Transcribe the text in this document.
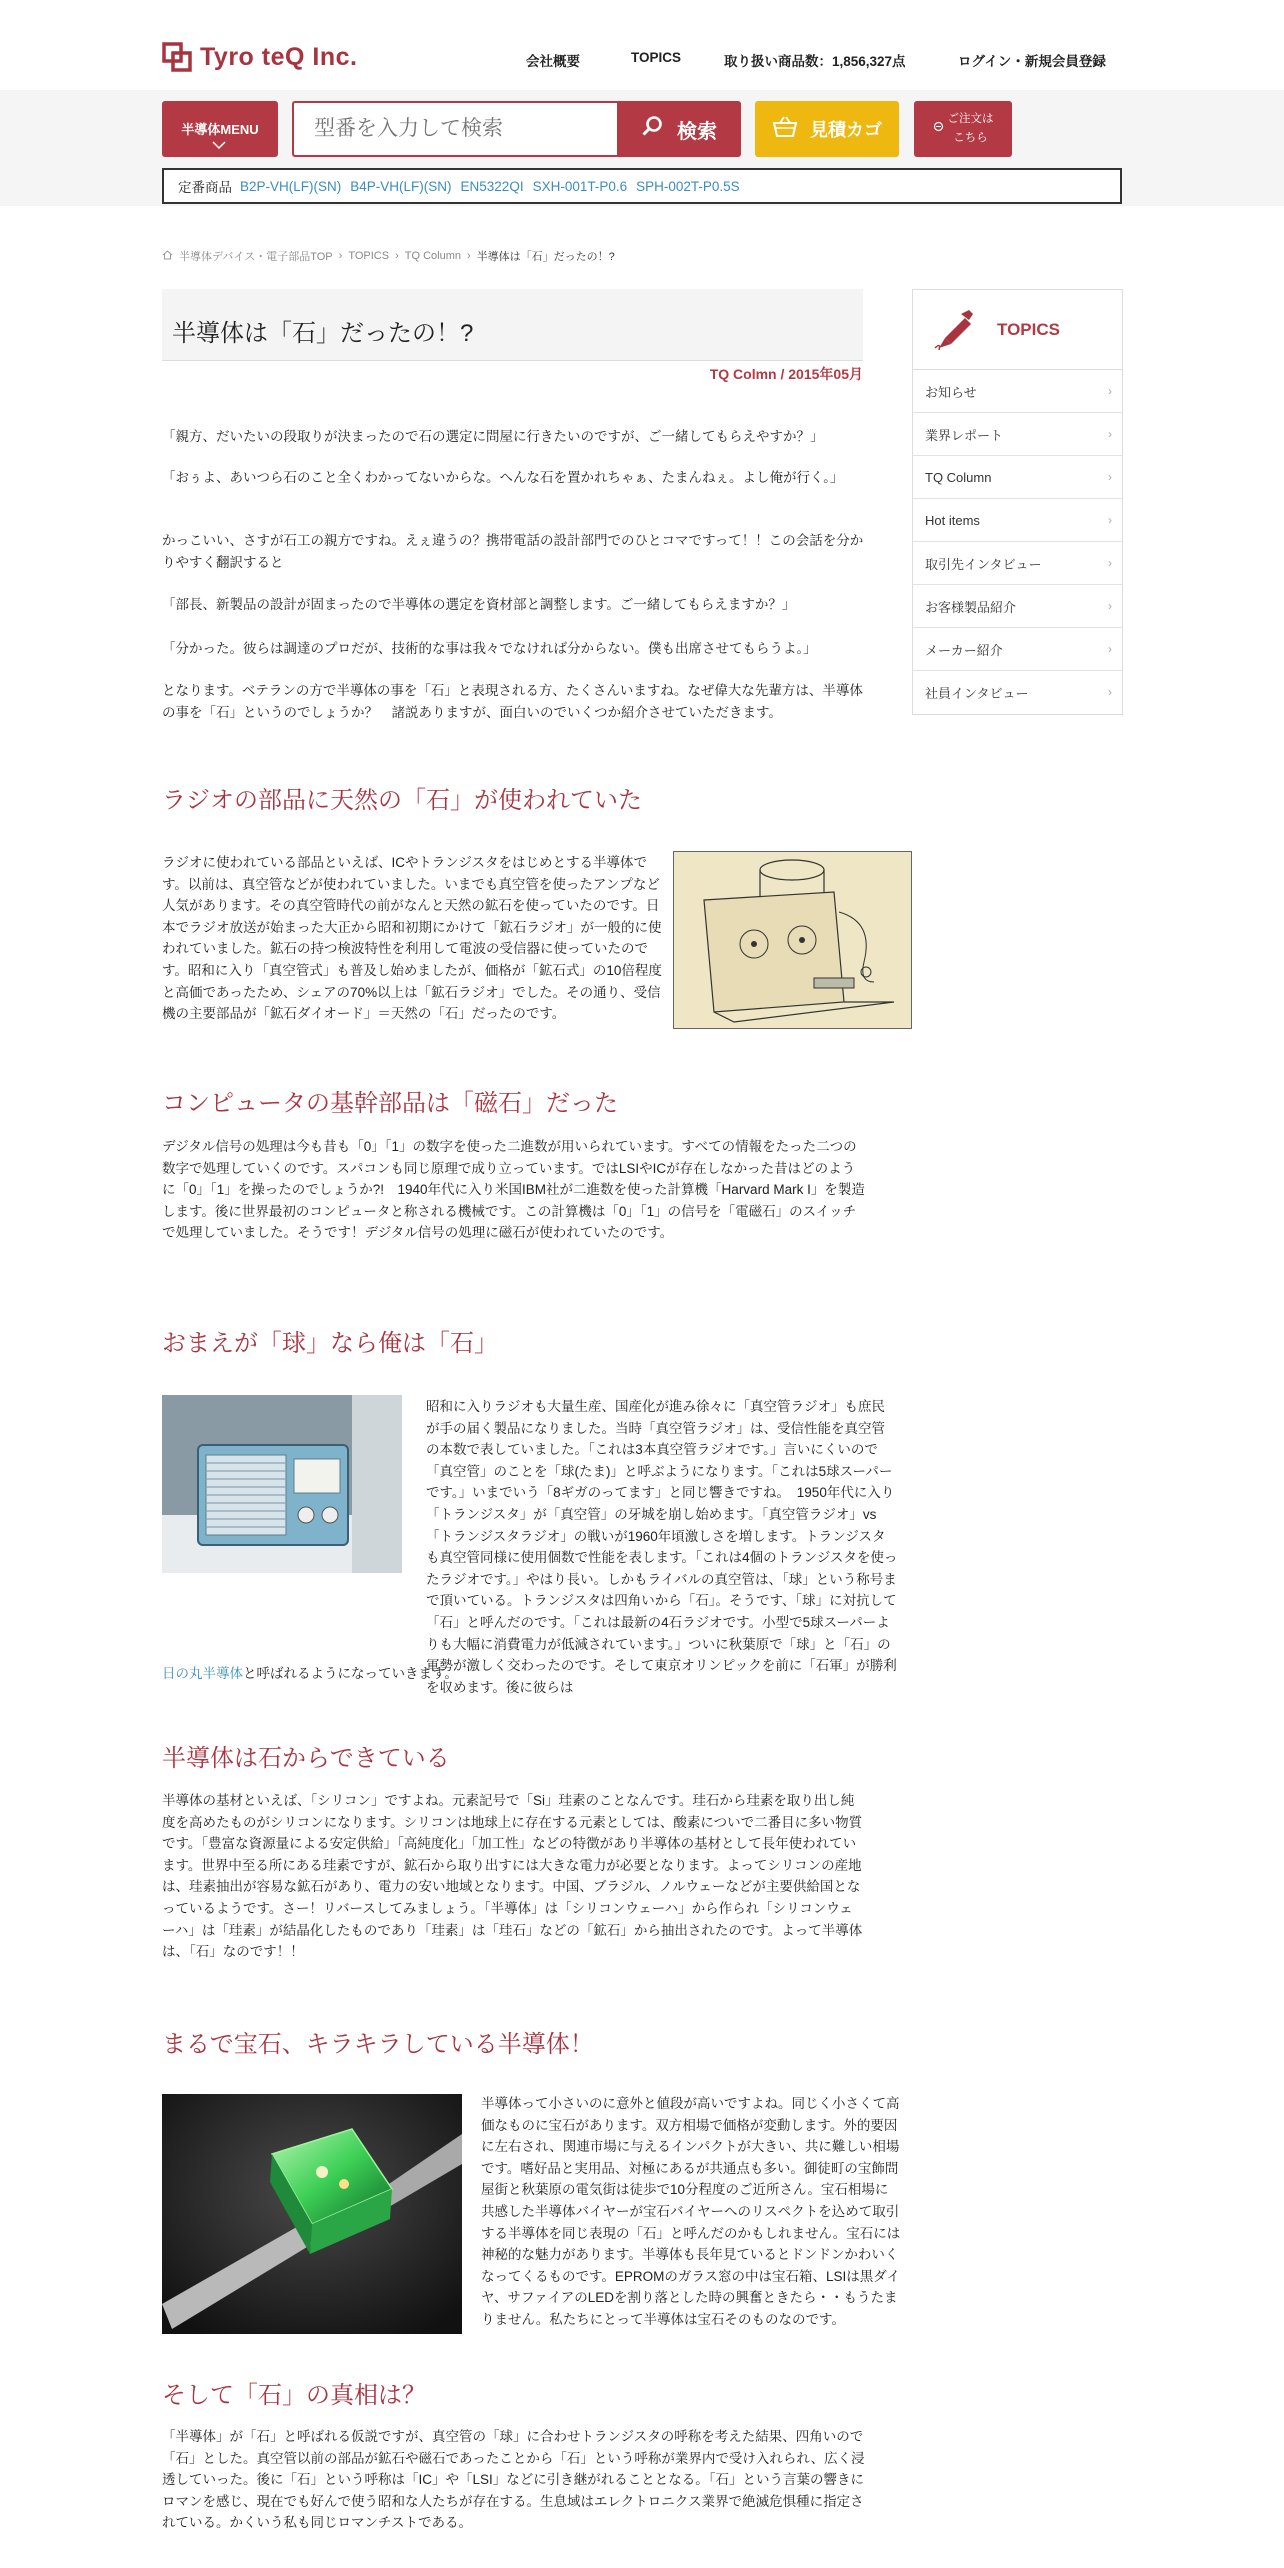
Tyro teQ Inc.	会社概要	TOPICS	取り扱い商品数：1,856,327点	ログイン・新規会員登録
半導体MENU
型番を入力して検索	検索	見積カゴ
ご注文は
こちら
定番商品 B2P-VH(LF)(SN) B4P-VH(LF)(SN) EN5322QI SXH-001T-P0.6 SPH-002T-P0.5S
半導体デバイス・電子部品TOP › TOPICS › TQ Column › 半導体は「石」だったの！?
半導体は「石」だったの！?
TQ Colmn / 2015年05月

「親方、だいたいの段取りが決まったので石の選定に問屋に行きたいのですが、ご一緒してもらえやすか？」

「おぅよ、あいつら石のこと全くわかってないからな。へんな石を置かれちゃぁ、たまんねぇ。よし俺が行く。」

かっこいい、さすが石工の親方ですね。えぇ違うの？携帯電話の設計部門でのひとコマですって！！この会話を分かりやすく翻訳すると

「部長、新製品の設計が固まったので半導体の選定を資材部と調整します。ご一緒してもらえますか？」

「分かった。彼らは調達のプロだが、技術的な事は我々でなければ分からない。僕も出席させてもらうよ。」

となります。ベテランの方で半導体の事を「石」と表現される方、たくさんいますね。なぜ偉大な先輩方は、半導体の事を「石」というのでしょうか？　諸説ありますが、面白いのでいくつか紹介させていただきます。

TOPICS
お知らせ	›
業界レポート	›
TQ Column	›
Hot items	›
取引先インタビュー	›
お客様製品紹介	›
メーカー紹介	›
社員インタビュー	›
ラジオの部品に天然の「石」が使われていた
ラジオに使われている部品といえば、ICやトランジスタをはじめとする半導体です。以前は、真空管などが使われていました。いまでも真空管を使ったアンプなど人気があります。その真空管時代の前がなんと天然の鉱石を使っていたのです。日本でラジオ放送が始まった大正から昭和初期にかけて「鉱石ラジオ」が一般的に使われていました。鉱石の持つ検波特性を利用して電波の受信器に使っていたのです。昭和に入り「真空管式」も普及し始めましたが、価格が「鉱石式」の10倍程度と高価であったため、シェアの70%以上は「鉱石ラジオ」でした。その通り、受信機の主要部品が「鉱石ダイオード」＝天然の「石」だったのです。
コンピュータの基幹部品は「磁石」だった
デジタル信号の処理は今も昔も「0」「1」の数字を使った二進数が用いられています。すべての情報をたった二つの数字で処理していくのです。スパコンも同じ原理で成り立っています。ではLSIやICが存在しなかった昔はどのように「0」「1」を操ったのでしょうか?!　1940年代に入り米国IBM社が二進数を使った計算機「Harvard Mark I」を製造します。後に世界最初のコンピュータと称される機械です。この計算機は「0」「1」の信号を「電磁石」のスイッチで処理していました。そうです！デジタル信号の処理に磁石が使われていたのです。
おまえが「球」なら俺は「石」
昭和に入りラジオも大量生産、国産化が進み徐々に「真空管ラジオ」も庶民が手の届く製品になりました。当時「真空管ラジオ」は、受信性能を真空管の本数で表していました。「これは3本真空管ラジオです。」言いにくいので「真空管」のことを「球(たま)」と呼ぶようになります。「これは5球スーパーです。」いまでいう「8ギガのってます」と同じ響きですね。　1950年代に入り「トランジスタ」が「真空管」の牙城を崩し始めます。「真空管ラジオ」vs「トランジスタラジオ」の戦いが1960年頃激しさを増します。トランジスタも真空管同様に使用個数で性能を表します。「これは4個のトランジスタを使ったラジオです。」やはり長い。しかもライバルの真空管は、「球」という称号まで頂いている。トランジスタは四角いから「石」。そうです、「球」に対抗して「石」と呼んだのです。「これは最新の4石ラジオです。小型で5球スーパーよりも大幅に消費電力が低減されています。」ついに秋葉原で「球」と「石」の軍勢が激しく交わったのです。そして東京オリンピックを前に「石軍」が勝利を収めます。後に彼らは
日の丸半導体と呼ばれるようになっていきます。
半導体は石からできている
半導体の基材といえば、「シリコン」ですよね。元素記号で「Si」珪素のことなんです。珪石から珪素を取り出し純度を高めたものがシリコンになります。シリコンは地球上に存在する元素としては、酸素についで二番目に多い物質です。「豊富な資源量による安定供給」「高純度化」「加工性」などの特徴があり半導体の基材として長年使われています。世界中至る所にある珪素ですが、鉱石から取り出すには大きな電力が必要となります。よってシリコンの産地は、珪素抽出が容易な鉱石があり、電力の安い地域となります。中国、ブラジル、ノルウェーなどが主要供給国となっているようです。さー！リバースしてみましょう。「半導体」は「シリコンウェーハ」から作られ「シリコンウェーハ」は「珪素」が結晶化したものであり「珪素」は「珪石」などの「鉱石」から抽出されたのです。よって半導体は、「石」なのです！！
まるで宝石、キラキラしている半導体！
半導体って小さいのに意外と値段が高いですよね。同じく小さくて高価なものに宝石があります。双方相場で価格が変動します。外的要因に左右され、関連市場に与えるインパクトが大きい、共に難しい相場です。嗜好品と実用品、対極にあるが共通点も多い。御徒町の宝飾問屋街と秋葉原の電気街は徒歩で10分程度のご近所さん。宝石相場に共感した半導体バイヤーが宝石バイヤーへのリスペクトを込めて取引する半導体を同じ表現の「石」と呼んだのかもしれません。宝石には神秘的な魅力があります。半導体も長年見ているとドンドンかわいくなってくるものです。EPROMのガラス窓の中は宝石箱、LSIは黒ダイヤ、サファイアのLEDを割り落とした時の興奮ときたら・・もうたまりません。私たちにとって半導体は宝石そのものなのです。
そして「石」の真相は？
「半導体」が「石」と呼ばれる仮説ですが、真空管の「球」に合わせトランジスタの呼称を考えた結果、四角いので「石」とした。真空管以前の部品が鉱石や磁石であったことから「石」という呼称が業界内で受け入れられ、広く浸透していった。後に「石」という呼称は「IC」や「LSI」などに引き継がれることとなる。「石」という言葉の響きにロマンを感じ、現在でも好んで使う昭和な人たちが存在する。生息域はエレクトロニクス業界で絶滅危惧種に指定されている。かくいう私も同じロマンチストである。
